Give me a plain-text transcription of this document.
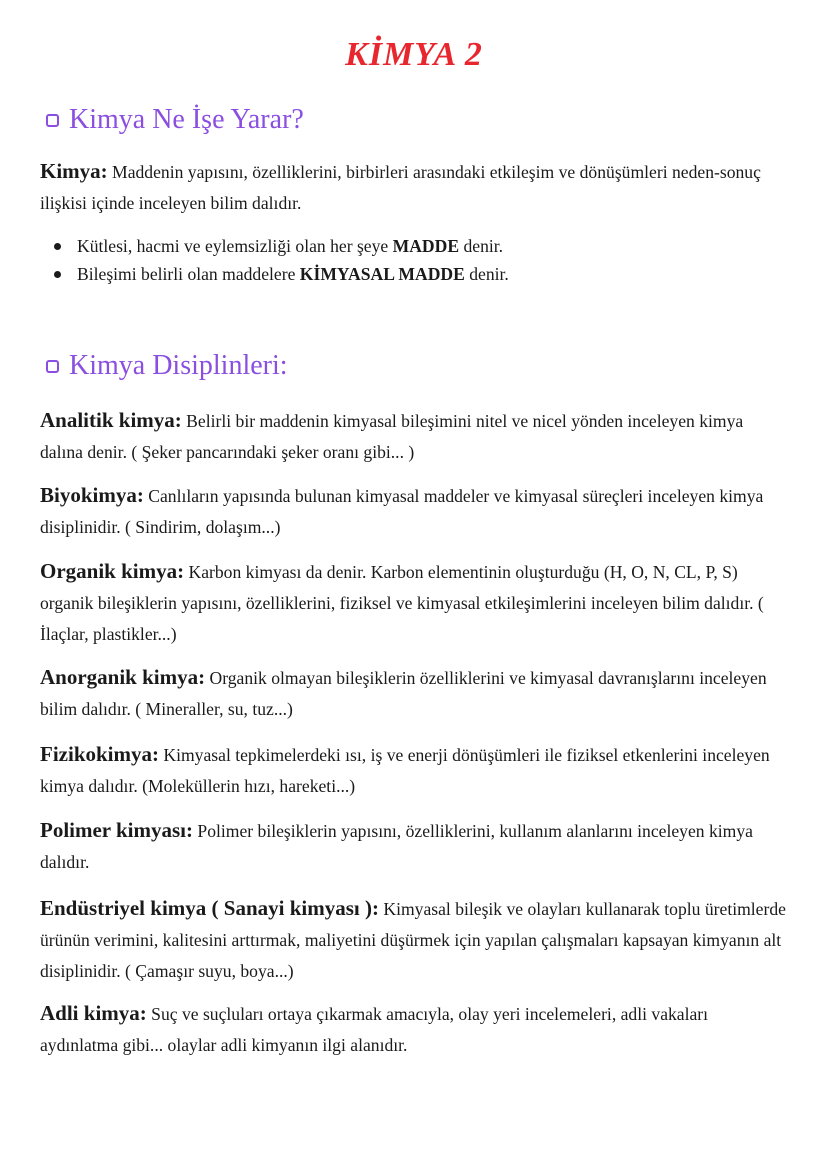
KİMYA 2
Kimya Ne İşe Yarar?

Kimya: Maddenin yapısını, özelliklerini, birbirleri arasındaki etkileşim ve dönüşümleri neden-sonuç ilişkisi içinde inceleyen bilim dalıdır.

Kütlesi, hacmi ve eylemsizliği olan her şeye MADDE denir.
Bileşimi belirli olan maddelere KİMYASAL MADDE denir.
Kimya Disiplinleri:

Analitik kimya: Belirli bir maddenin kimyasal bileşimini nitel ve nicel yönden inceleyen kimya dalına denir. ( Şeker pancarındaki şeker oranı gibi... )

Biyokimya: Canlıların yapısında bulunan kimyasal maddeler ve kimyasal süreçleri inceleyen kimya disiplinidir. ( Sindirim, dolaşım...)

Organik kimya: Karbon kimyası da denir. Karbon elementinin oluşturduğu (H, O, N, CL, P, S) organik bileşiklerin yapısını, özelliklerini, fiziksel ve kimyasal etkileşimlerini inceleyen bilim dalıdır. ( İlaçlar, plastikler...)

Anorganik kimya: Organik olmayan bileşiklerin özelliklerini ve kimyasal davranışlarını inceleyen bilim dalıdır. ( Mineraller, su, tuz...)

Fizikokimya: Kimyasal tepkimelerdeki ısı, iş ve enerji dönüşümleri ile fiziksel etkenlerini inceleyen kimya dalıdır. (Moleküllerin hızı, hareketi...)

Polimer kimyası: Polimer bileşiklerin yapısını, özelliklerini, kullanım alanlarını inceleyen kimya dalıdır.

Endüstriyel kimya ( Sanayi kimyası ): Kimyasal bileşik ve olayları kullanarak toplu üretimlerde ürünün verimini, kalitesini arttırmak, maliyetini düşürmek için yapılan çalışmaları kapsayan kimyanın alt disiplinidir. ( Çamaşır suyu, boya...)

Adli kimya: Suç ve suçluları ortaya çıkarmak amacıyla, olay yeri incelemeleri, adli vakaları aydınlatma gibi... olaylar adli kimyanın ilgi alanıdır.
